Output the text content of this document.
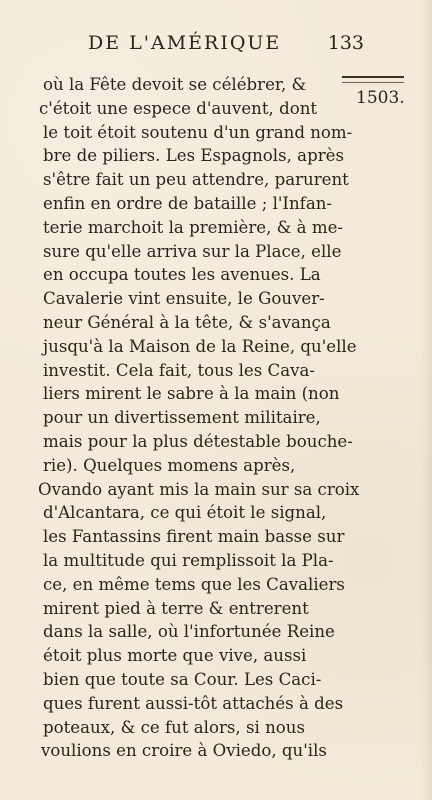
DE L'AMÉRIQUE 133
1503.
où la Fête devoit se célébrer, &
c'étoit une espece d'auvent, dont
le toit étoit soutenu d'un grand nom-
bre de piliers. Les Espagnols, après
s'être fait un peu attendre, parurent
enfin en ordre de bataille ; l'Infan-
terie marchoit la première, & à me-
sure qu'elle arriva sur la Place, elle
en occupa toutes les avenues. La
Cavalerie vint ensuite, le Gouver-
neur Général à la tête, & s'avança
jusqu'à la Maison de la Reine, qu'elle
investit. Cela fait, tous les Cava-
liers mirent le sabre à la main (non
pour un divertissement militaire,
mais pour la plus détestable bouche-
rie). Quelques momens après,
Ovando ayant mis la main sur sa croix
d'Alcantara, ce qui étoit le signal,
les Fantassins firent main basse sur
la multitude qui remplissoit la Pla-
ce, en même tems que les Cavaliers
mirent pied à terre & entrerent
dans la salle, où l'infortunée Reine
étoit plus morte que vive, aussi
bien que toute sa Cour. Les Caci-
ques furent aussi-tôt attachés à des
poteaux, & ce fut alors, si nous
voulions en croire à Oviedo, qu'ils
